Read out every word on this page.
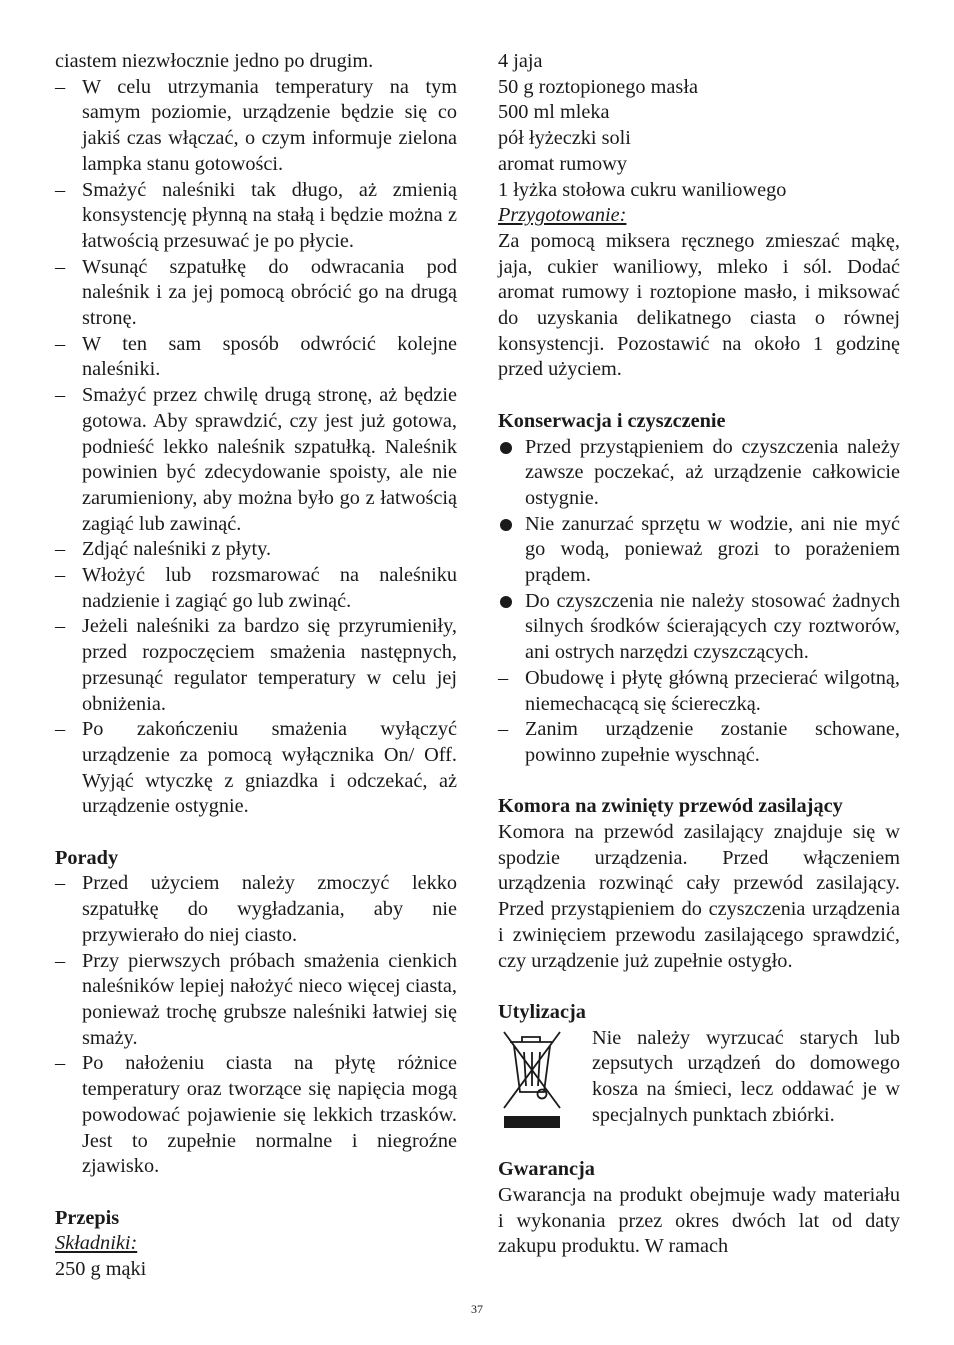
ciastem niezwłocznie jedno po drugim.

– W celu utrzymania temperatury na tym samym poziomie, urządzenie będzie się co jakiś czas włączać, o czym informuje zielona lampka stanu gotowości.
– Smażyć naleśniki tak długo, aż zmienią konsystencję płynną na stałą i będzie można z łatwością przesuwać je po płycie.
– Wsunąć szpatułkę do odwracania pod naleśnik i za jej pomocą obrócić go na drugą stronę.
– W ten sam sposób odwrócić kolejne naleśniki.
– Smażyć przez chwilę drugą stronę, aż będzie gotowa. Aby sprawdzić, czy jest już gotowa, podnieść lekko naleśnik szpatułką. Naleśnik powinien być zdecydowanie spoisty, ale nie zarumieniony, aby można było go z łatwością zagiąć lub zawinąć.
– Zdjąć naleśniki z płyty.
– Włożyć lub rozsmarować na naleśniku nadzienie i zagiąć go lub zwinąć.
– Jeżeli naleśniki za bardzo się przyrumieniły, przed rozpoczęciem smażenia następnych, przesunąć regulator temperatury w celu jej obniżenia.
– Po zakończeniu smażenia wyłączyć urządzenie za pomocą wyłącznika On/ Off. Wyjąć wtyczkę z gniazdka i odczekać, aż urządzenie ostygnie.

Porady

– Przed użyciem należy zmoczyć lekko szpatułkę do wygładzania, aby nie przywierało do niej ciasto.
– Przy pierwszych próbach smażenia cienkich naleśników lepiej nałożyć nieco więcej ciasta, ponieważ trochę grubsze naleśniki łatwiej się smaży.
– Po nałożeniu ciasta na płytę różnice temperatury oraz tworzące się napięcia mogą powodować pojawienie się lekkich trzasków. Jest to zupełnie normalne i niegroźne zjawisko.

Przepis

Składniki:

250 g mąki

4 jaja

50 g roztopionego masła

500 ml mleka

pół łyżeczki soli

aromat rumowy

1 łyżka stołowa cukru waniliowego

Przygotowanie:

Za pomocą miksera ręcznego zmieszać mąkę, jaja, cukier waniliowy, mleko i sól. Dodać aromat rumowy i roztopione masło, i miksować do uzyskania delikatnego ciasta o równej konsystencji. Pozostawić na około 1 godzinę przed użyciem.

Konserwacja i czyszczenie

Przed przystąpieniem do czyszczenia należy zawsze poczekać, aż urządzenie całkowicie ostygnie.
Nie zanurzać sprzętu w wodzie, ani nie myć go wodą, ponieważ grozi to porażeniem prądem.
Do czyszczenia nie należy stosować żadnych silnych środków ścierających czy roztworów, ani ostrych narzędzi czyszczących.
– Obudowę i płytę główną przecierać wilgotną, niemechacącą się ściereczką.
– Zanim urządzenie zostanie schowane, powinno zupełnie wyschnąć.

Komora na zwinięty przewód zasilający

Komora na przewód zasilający znajduje się w spodzie urządzenia. Przed włączeniem urządzenia rozwinąć cały przewód zasilający. Przed przystąpieniem do czyszczenia urządzenia i zwinięciem przewodu zasilającego sprawdzić, czy urządzenie już zupełnie ostygło.

Utylizacja

Nie należy wyrzucać starych lub zepsutych urządzeń do domowego kosza na śmieci, lecz oddawać je w specjalnych punktach zbiórki.

Gwarancja

Gwarancja na produkt obejmuje wady materiału i wykonania przez okres dwóch lat od daty zakupu produktu. W ramach

37
